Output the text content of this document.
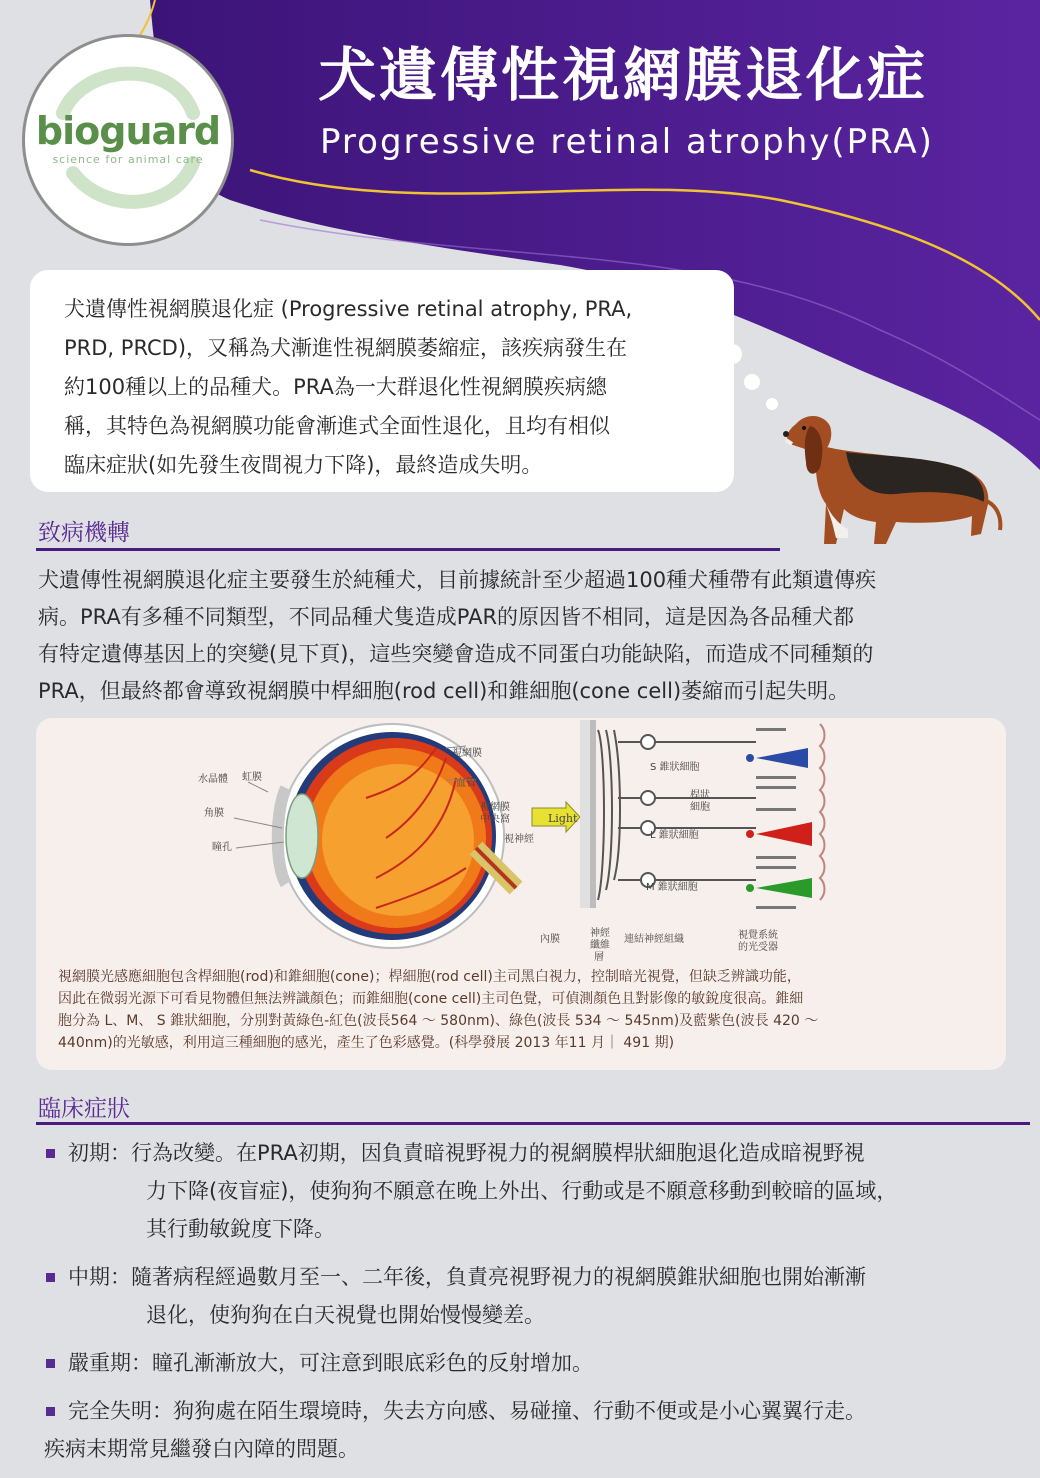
bioguard
science for animal care
犬遺傳性視網膜退化症
Progressive retinal atrophy(PRA)

犬遺傳性視網膜退化症 (Progressive retinal atrophy, PRA,

PRD, PRCD)，又稱為犬漸進性視網膜萎縮症，該疾病發生在

約100種以上的品種犬。PRA為一大群退化性視網膜疾病總

稱，其特色為視網膜功能會漸進式全面性退化，且均有相似

臨床症狀(如先發生夜間視力下降)，最終造成失明。

致病機轉
犬遺傳性視網膜退化症主要發生於純種犬，目前據統計至少超過100種犬種帶有此類遺傳疾
病。PRA有多種不同類型，不同品種犬隻造成PAR的原因皆不相同，這是因為各品種犬都
有特定遺傳基因上的突變(見下頁)，這些突變會造成不同蛋白功能缺陷，而造成不同種類的
PRA，但最終都會導致視網膜中桿細胞(rod cell)和錐細胞(cone cell)萎縮而引起失明。
水晶體 虹膜
角膜
瞳孔
視網膜
血管
視網膜
中央窩
視神經
Light
S 錐狀細胞
桿狀
細胞
L 錐狀細胞
M 錐狀細胞
內膜
神經
纖維
層
連結神經組織	視覺系統
的光受器
視網膜光感應細胞包含桿細胞(rod)和錐細胞(cone)；桿細胞(rod cell)主司黑白視力，控制暗光視覺，但缺乏辨識功能，
因此在微弱光源下可看見物體但無法辨識顏色；而錐細胞(cone cell)主司色覺，可偵測顏色且對影像的敏銳度很高。錐細
胞分為 L、M、 S 錐狀細胞，分別對黃綠色-紅色(波長564 ～ 580nm)、綠色(波長 534 ～ 545nm)及藍紫色(波長 420 ～
440nm)的光敏感，利用這三種細胞的感光，產生了色彩感覺。(科學發展 2013 年11 月｜ 491 期)
臨床症狀
初期：行為改變。在PRA初期，因負責暗視野視力的視網膜桿狀細胞退化造成暗視野視
力下降(夜盲症)，使狗狗不願意在晚上外出、行動或是不願意移動到較暗的區域，
其行動敏銳度下降。
中期：隨著病程經過數月至一、二年後，負責亮視野視力的視網膜錐狀細胞也開始漸漸
退化，使狗狗在白天視覺也開始慢慢變差。
嚴重期：瞳孔漸漸放大，可注意到眼底彩色的反射增加。
完全失明：狗狗處在陌生環境時，失去方向感、易碰撞、行動不便或是小心翼翼行走。
疾病末期常見繼發白內障的問題。
